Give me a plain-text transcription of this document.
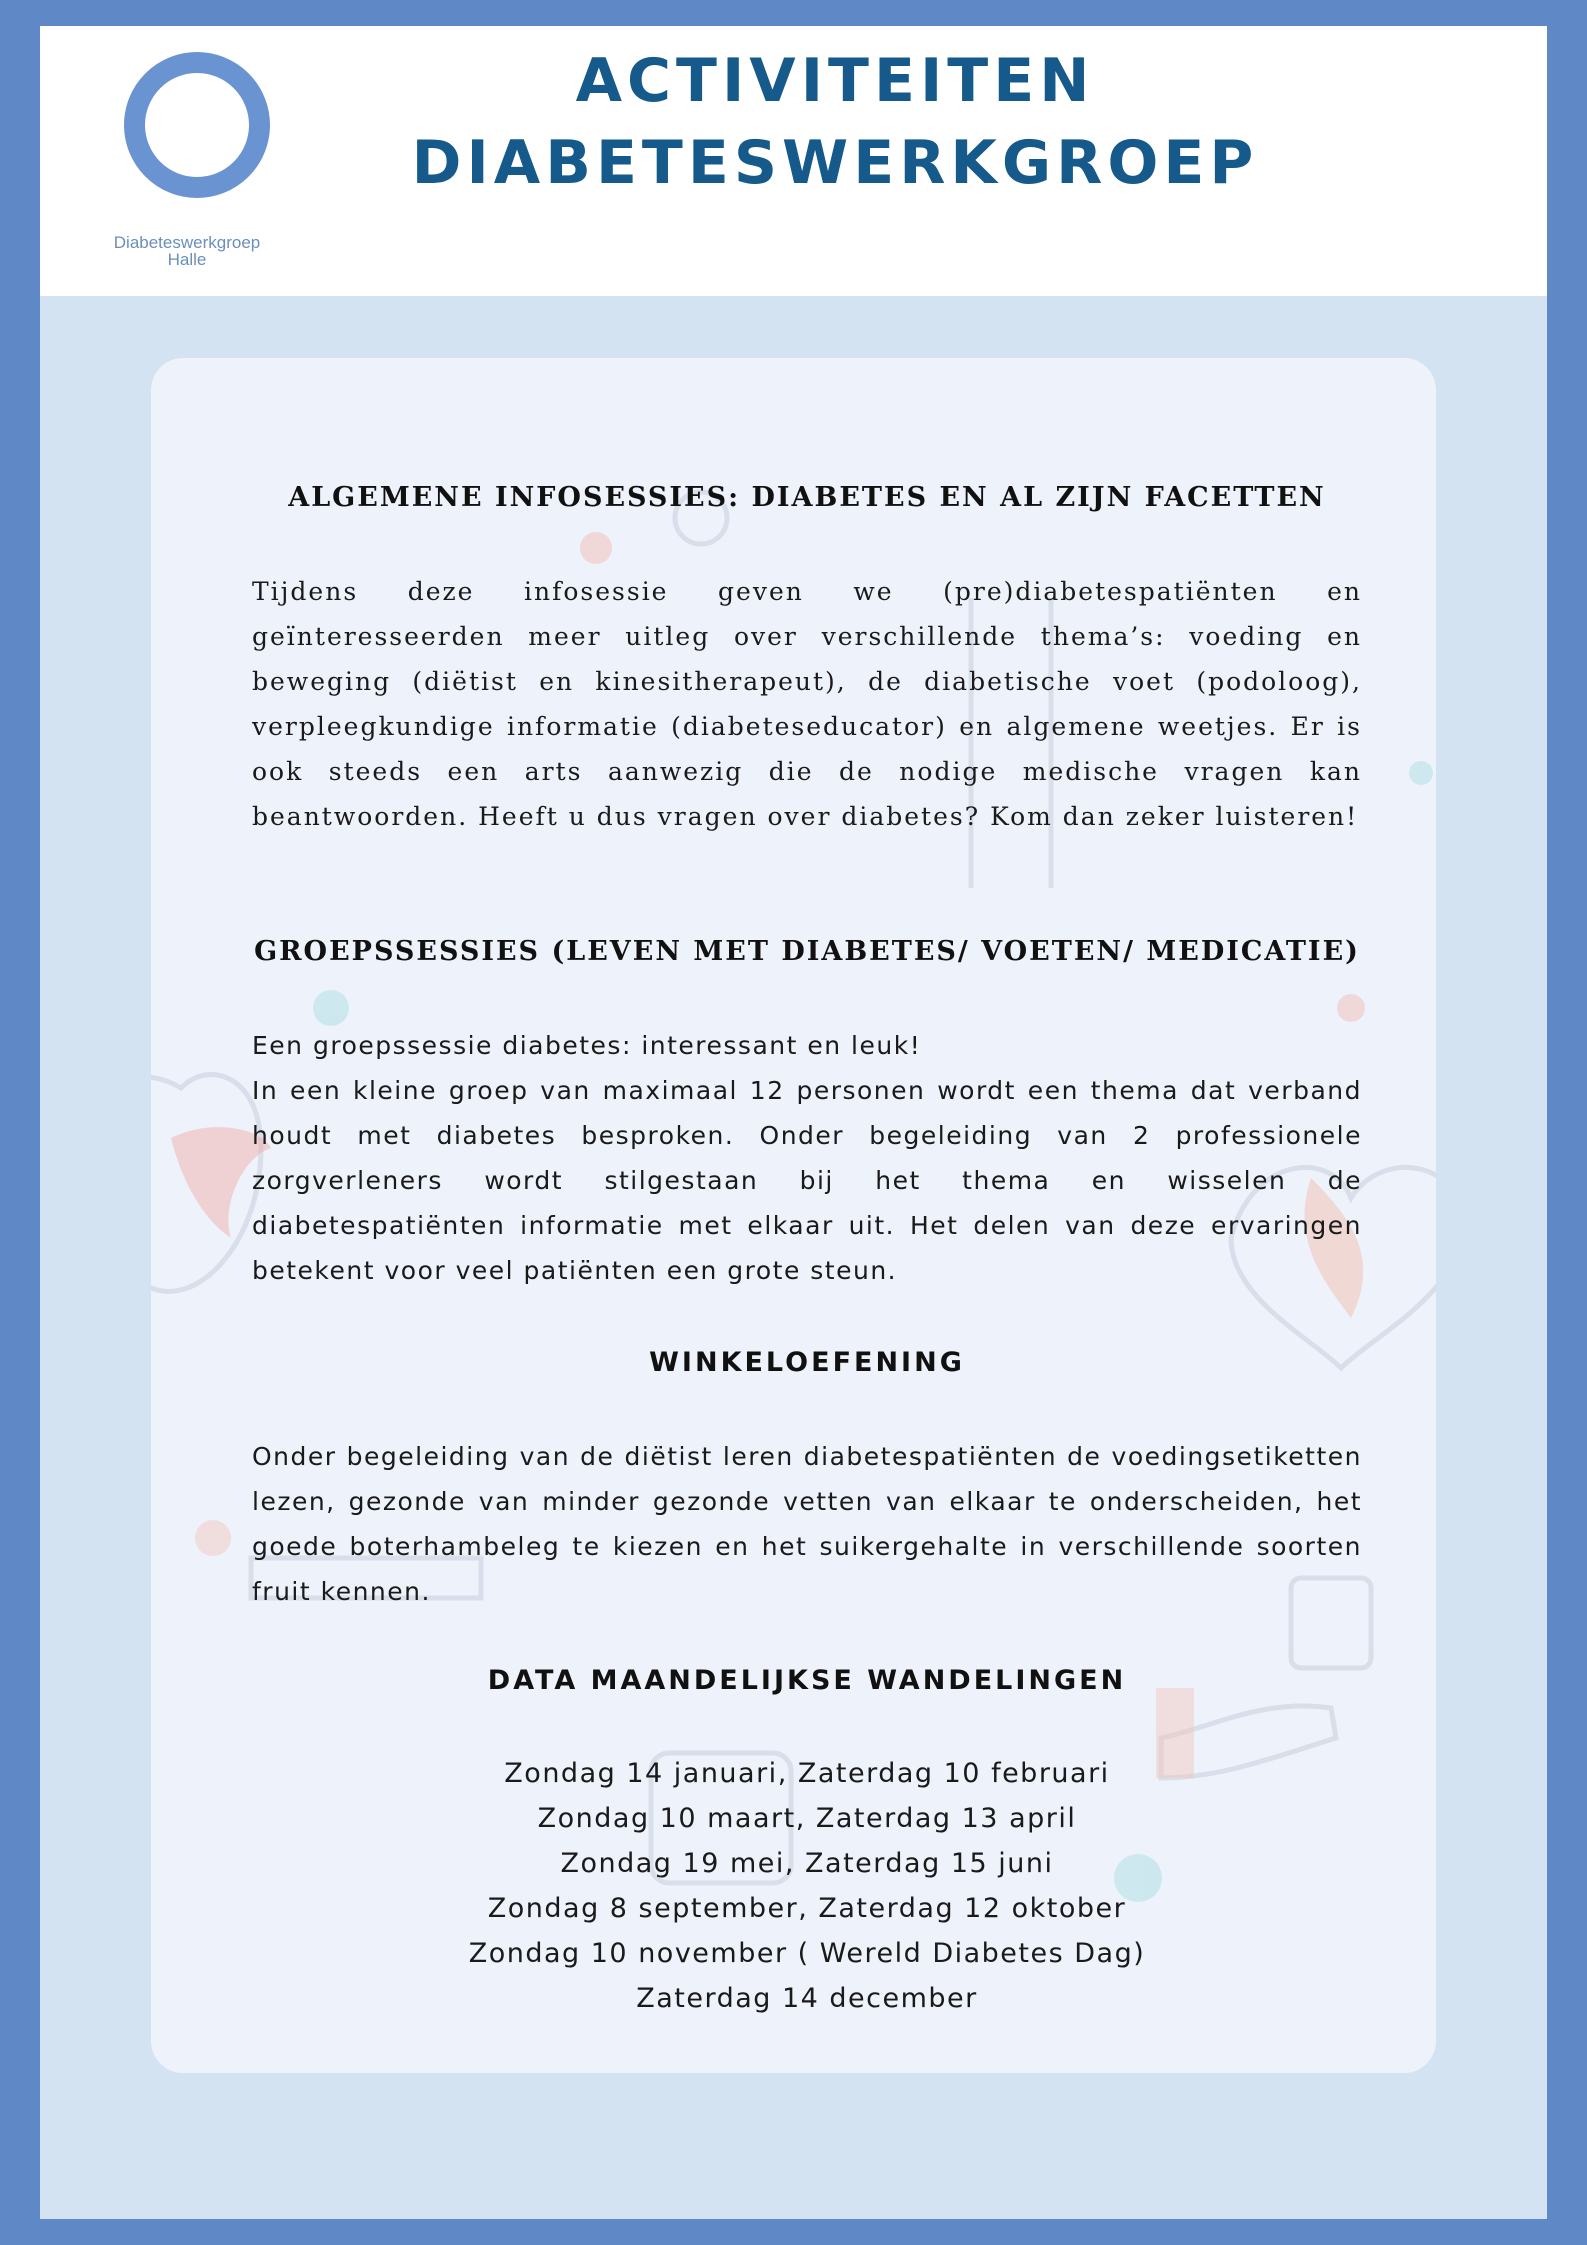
Diabeteswerkgroep
Halle
ACTIVITEITEN
DIABETESWERKGROEP
ALGEMENE INFOSESSIES: DIABETES EN AL ZIJN FACETTEN

Tijdens deze infosessie geven we (pre)diabetespatiënten en geïnteresseerden meer uitleg over verschillende thema’s: voeding en beweging (diëtist en kinesitherapeut), de diabetische voet (podoloog), verpleegkundige informatie (diabeteseducator) en algemene weetjes. Er is ook steeds een arts aanwezig die de nodige medische vragen kan beantwoorden. Heeft u dus vragen over diabetes? Kom dan zeker luisteren!

GROEPSSESSIES (LEVEN MET DIABETES/ VOETEN/ MEDICATIE)

Een groepssessie diabetes: interessant en leuk!
In een kleine groep van maximaal 12 personen wordt een thema dat verband houdt met diabetes besproken. Onder begeleiding van 2 professionele zorgverleners wordt stilgestaan bij het thema en wisselen de diabetespatiënten informatie met elkaar uit. Het delen van deze ervaringen betekent voor veel patiënten een grote steun.

WINKELOEFENING

Onder begeleiding van de diëtist leren diabetespatiënten de voedingsetiketten lezen, gezonde van minder gezonde vetten van elkaar te onderscheiden, het goede boterhambeleg te kiezen en het suikergehalte in verschillende soorten fruit kennen.

DATA MAANDELIJKSE WANDELINGEN
Zondag 14 januari, Zaterdag 10 februari
Zondag 10 maart, Zaterdag 13 april
Zondag 19 mei, Zaterdag 15 juni
Zondag 8 september, Zaterdag 12 oktober
Zondag 10 november ( Wereld Diabetes Dag)
Zaterdag 14 december
